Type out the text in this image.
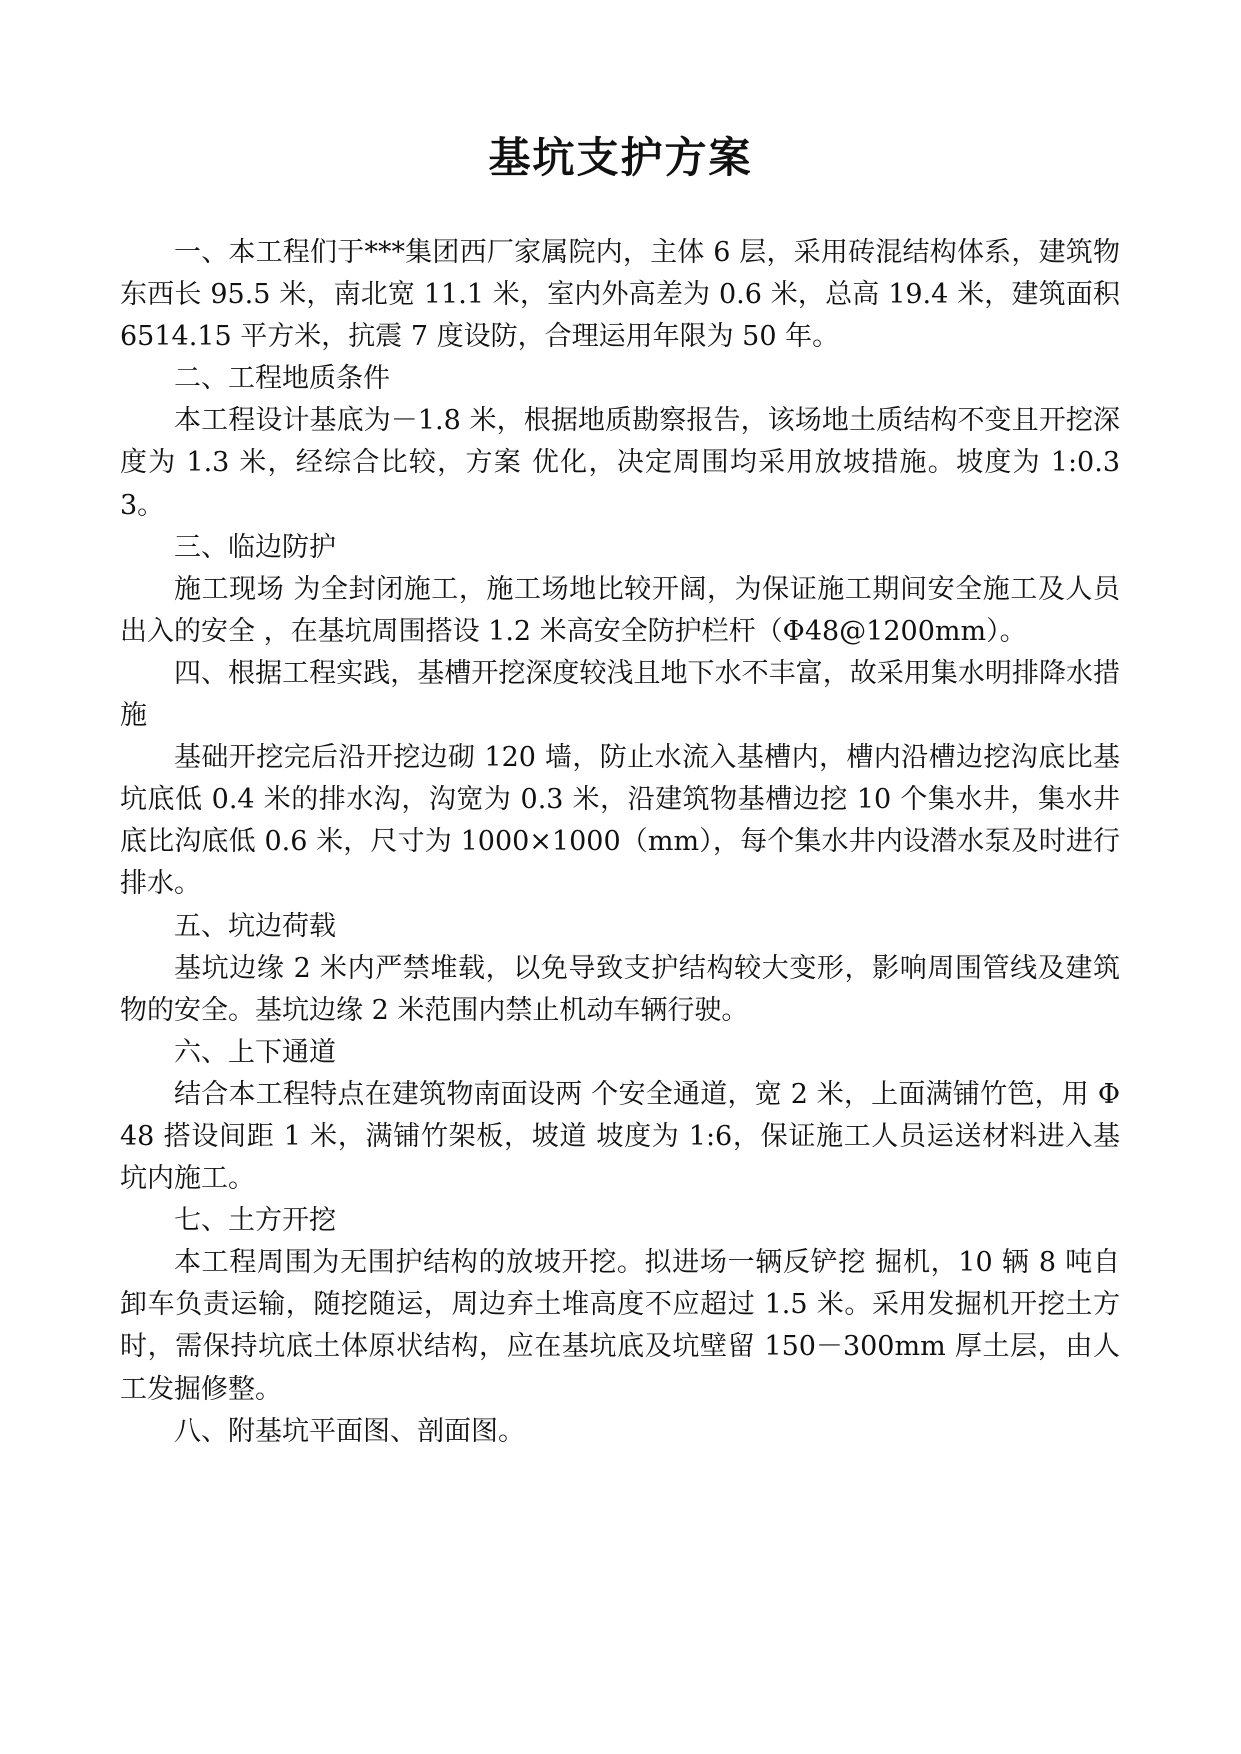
基坑支护方案

一、本工程们于***集团西厂家属院内，主体 6 层，采用砖混结构体系，建筑物东西长 95.5 米，南北宽 11.1 米，室内外高差为 0.6 米，总高 19.4 米，建筑面积 6514.15 平方米，抗震 7 度设防，合理运用年限为 50 年。

二、工程地质条件

本工程设计基底为－1.8 米，根据地质勘察报告，该场地土质结构不变且开挖深度为 1.3 米，经综合比较，方案 优化，决定周围均采用放坡措施。坡度为 1:0.33。

三、临边防护

施工现场 为全封闭施工，施工场地比较开阔，为保证施工期间安全施工及人员出入的安全 ，在基坑周围搭设 1.2 米高安全防护栏杆（Φ48@1200mm）。

四、根据工程实践，基槽开挖深度较浅且地下水不丰富，故采用集水明排降水措施

基础开挖完后沿开挖边砌 120 墙，防止水流入基槽内，槽内沿槽边挖沟底比基坑底低 0.4 米的排水沟，沟宽为 0.3 米，沿建筑物基槽边挖 10 个集水井，集水井底比沟底低 0.6 米，尺寸为 1000×1000（mm），每个集水井内设潜水泵及时进行排水。

五、坑边荷载

基坑边缘 2 米内严禁堆载，以免导致支护结构较大变形，影响周围管线及建筑物的安全。基坑边缘 2 米范围内禁止机动车辆行驶。

六、上下通道

结合本工程特点在建筑物南面设两 个安全通道，宽 2 米，上面满铺竹笆，用 Φ48 搭设间距 1 米，满铺竹架板，坡道 坡度为 1:6，保证施工人员运送材料进入基坑内施工。

七、土方开挖

本工程周围为无围护结构的放坡开挖。拟进场一辆反铲挖 掘机，10 辆 8 吨自卸车负责运输，随挖随运，周边弃土堆高度不应超过 1.5 米。采用发掘机开挖土方时，需保持坑底土体原状结构，应在基坑底及坑壁留 150－300mm 厚土层，由人工发掘修整。

八、附基坑平面图、剖面图。
